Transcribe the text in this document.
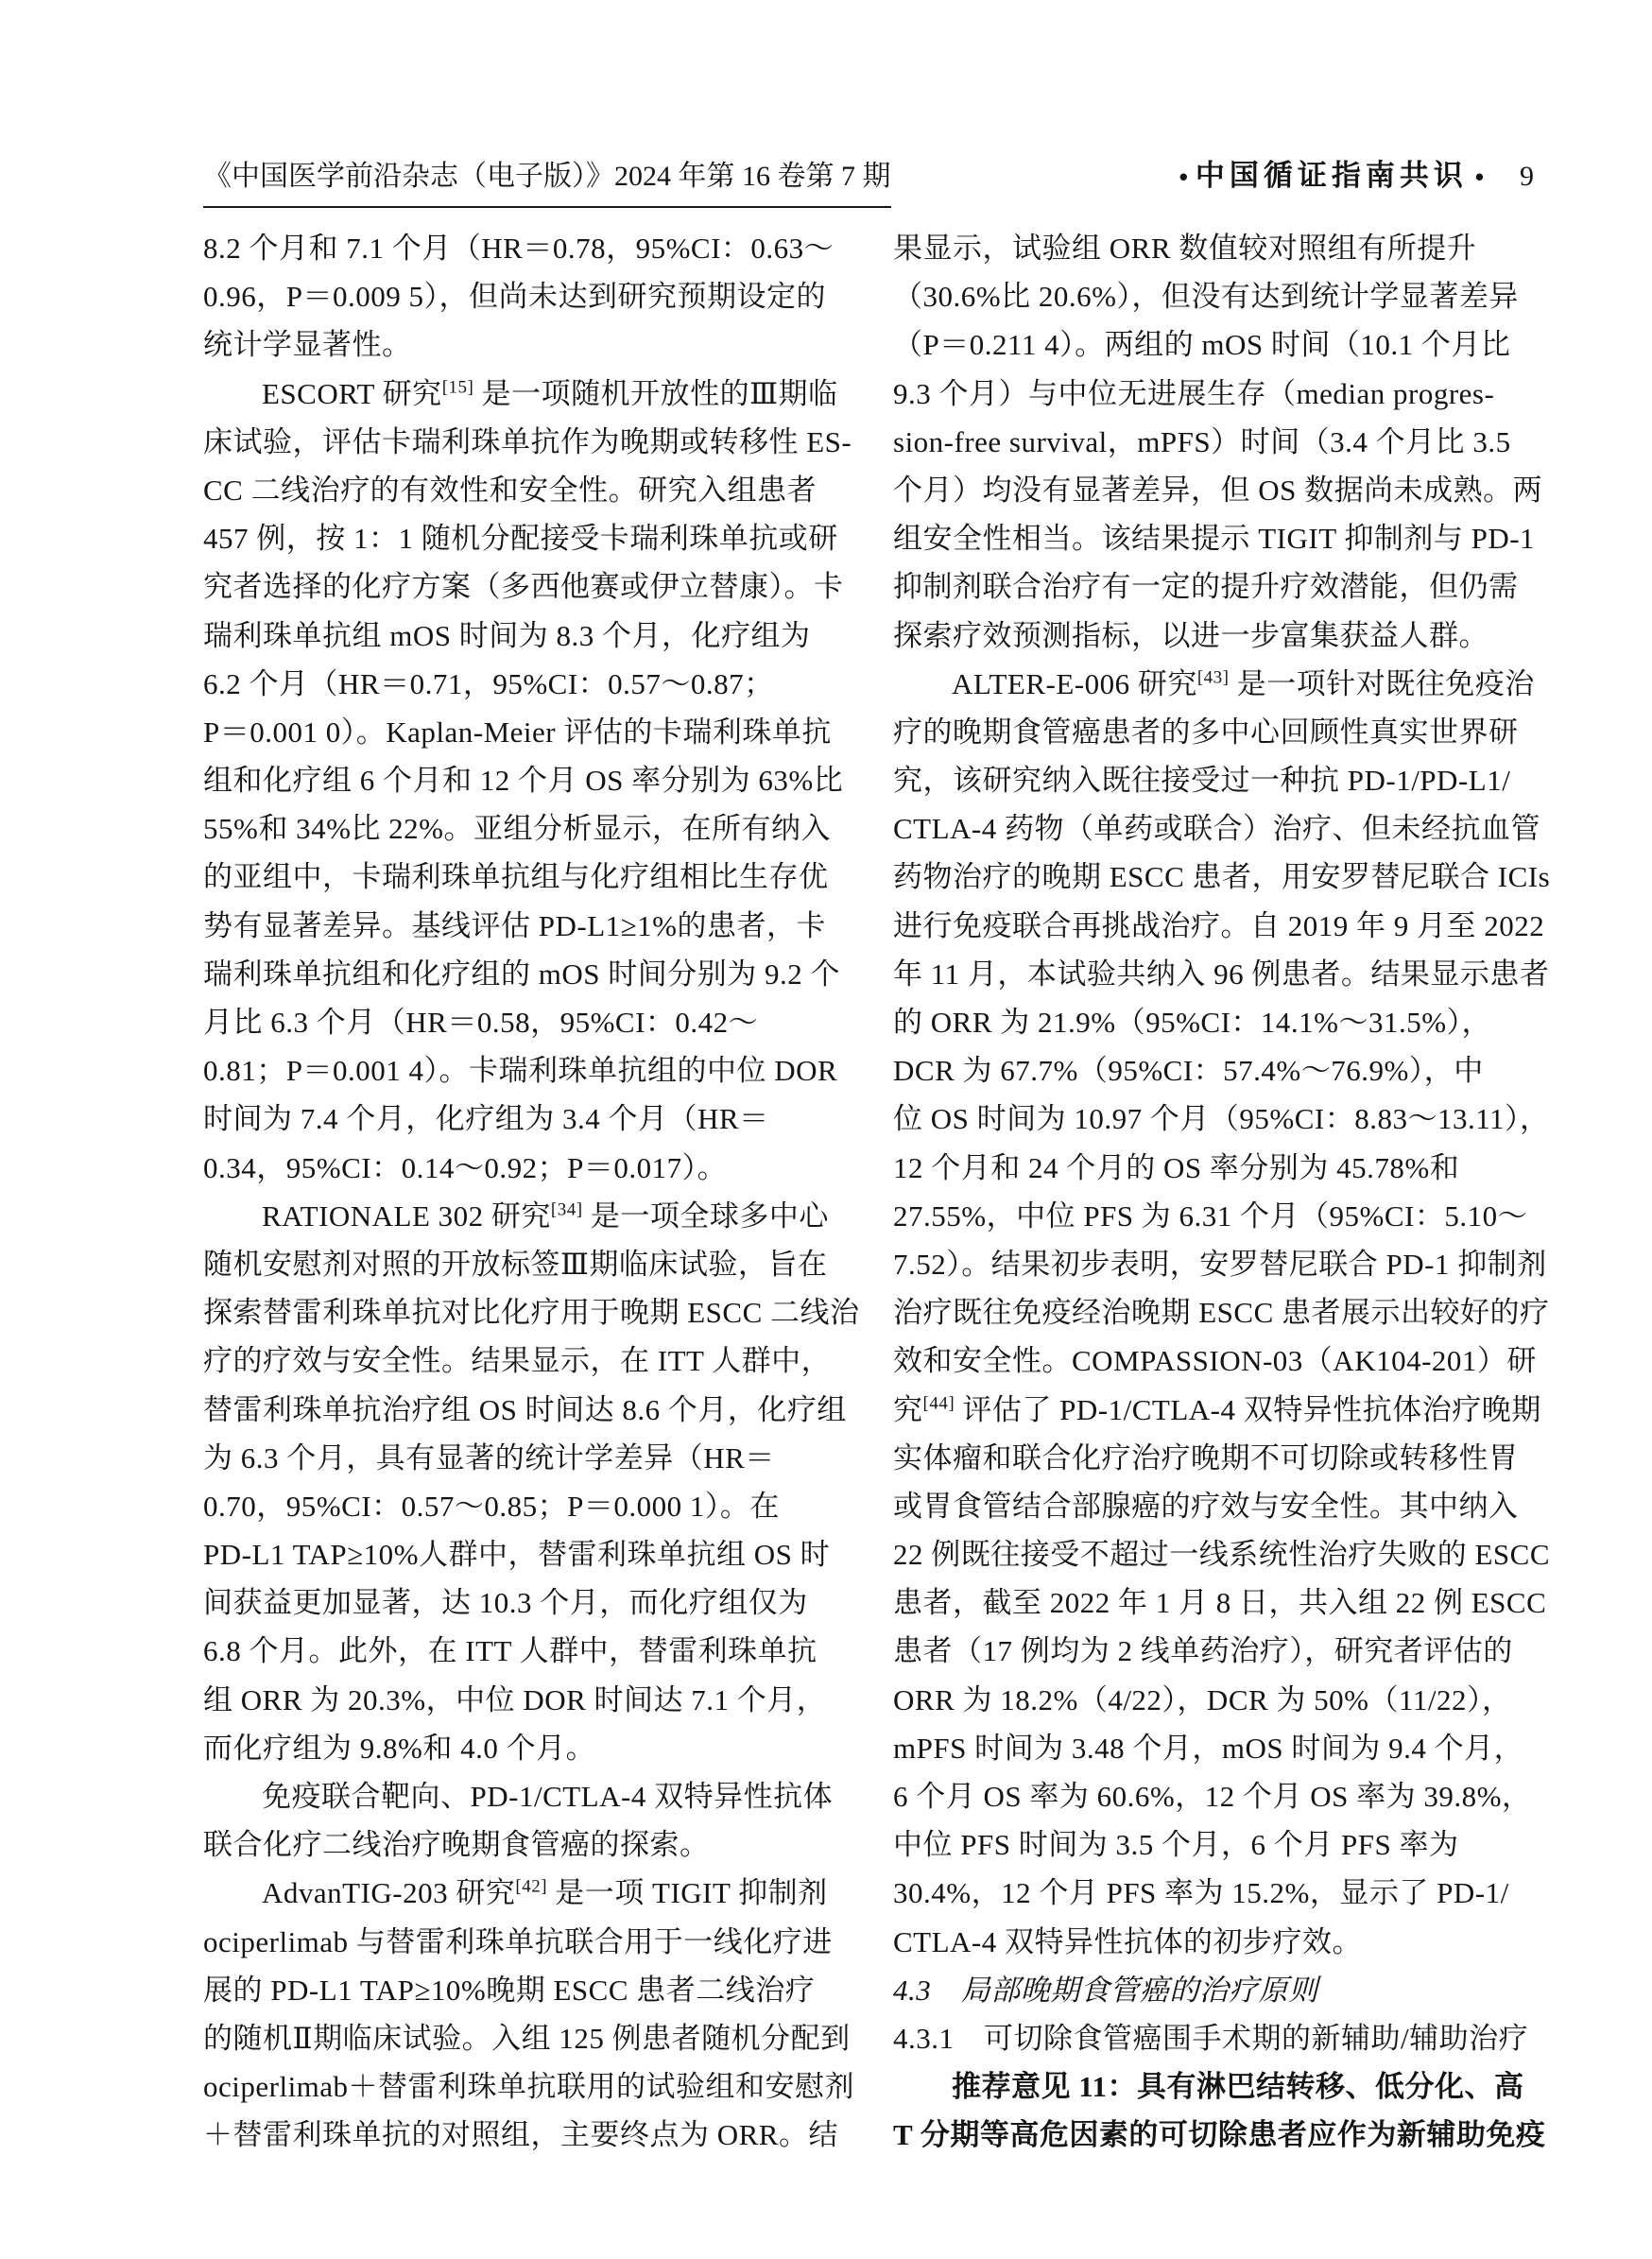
《中国医学前沿杂志（电子版）》2024 年第 16 卷第 7 期	• 中国循证指南共识 • 9
8.2 个月和 7.1 个月（HR＝0.78，95%CI：0.63～
0.96，P＝0.009 5），但尚未达到研究预期设定的
统计学显著性。
ESCORT 研究[15] 是一项随机开放性的Ⅲ期临
床试验，评估卡瑞利珠单抗作为晚期或转移性 ES-
CC 二线治疗的有效性和安全性。研究入组患者
457 例，按 1：1 随机分配接受卡瑞利珠单抗或研
究者选择的化疗方案（多西他赛或伊立替康）。卡
瑞利珠单抗组 mOS 时间为 8.3 个月，化疗组为
6.2 个月（HR＝0.71，95%CI：0.57～0.87；
P＝0.001 0）。Kaplan-Meier 评估的卡瑞利珠单抗
组和化疗组 6 个月和 12 个月 OS 率分别为 63%比
55%和 34%比 22%。亚组分析显示，在所有纳入
的亚组中，卡瑞利珠单抗组与化疗组相比生存优
势有显著差异。基线评估 PD-L1≥1%的患者，卡
瑞利珠单抗组和化疗组的 mOS 时间分别为 9.2 个
月比 6.3 个月（HR＝0.58，95%CI：0.42～
0.81；P＝0.001 4）。卡瑞利珠单抗组的中位 DOR
时间为 7.4 个月，化疗组为 3.4 个月（HR＝
0.34，95%CI：0.14～0.92；P＝0.017）。
RATIONALE 302 研究[34] 是一项全球多中心
随机安慰剂对照的开放标签Ⅲ期临床试验，旨在
探索替雷利珠单抗对比化疗用于晚期 ESCC 二线治
疗的疗效与安全性。结果显示，在 ITT 人群中，
替雷利珠单抗治疗组 OS 时间达 8.6 个月，化疗组
为 6.3 个月，具有显著的统计学差异（HR＝
0.70，95%CI：0.57～0.85；P＝0.000 1）。在
PD-L1 TAP≥10%人群中，替雷利珠单抗组 OS 时
间获益更加显著，达 10.3 个月，而化疗组仅为
6.8 个月。此外，在 ITT 人群中，替雷利珠单抗
组 ORR 为 20.3%，中位 DOR 时间达 7.1 个月，
而化疗组为 9.8%和 4.0 个月。
免疫联合靶向、PD-1/CTLA-4 双特异性抗体
联合化疗二线治疗晚期食管癌的探索。
AdvanTIG-203 研究[42] 是一项 TIGIT 抑制剂
ociperlimab 与替雷利珠单抗联合用于一线化疗进
展的 PD-L1 TAP≥10%晚期 ESCC 患者二线治疗
的随机Ⅱ期临床试验。入组 125 例患者随机分配到
ociperlimab＋替雷利珠单抗联用的试验组和安慰剂
＋替雷利珠单抗的对照组，主要终点为 ORR。结
果显示，试验组 ORR 数值较对照组有所提升
（30.6%比 20.6%），但没有达到统计学显著差异
（P＝0.211 4）。两组的 mOS 时间（10.1 个月比
9.3 个月）与中位无进展生存（median progres-
sion-free survival，mPFS）时间（3.4 个月比 3.5
个月）均没有显著差异，但 OS 数据尚未成熟。两
组安全性相当。该结果提示 TIGIT 抑制剂与 PD-1
抑制剂联合治疗有一定的提升疗效潜能，但仍需
探索疗效预测指标，以进一步富集获益人群。
ALTER-E-006 研究[43] 是一项针对既往免疫治
疗的晚期食管癌患者的多中心回顾性真实世界研
究，该研究纳入既往接受过一种抗 PD-1/PD-L1/
CTLA-4 药物（单药或联合）治疗、但未经抗血管
药物治疗的晚期 ESCC 患者，用安罗替尼联合 ICIs
进行免疫联合再挑战治疗。自 2019 年 9 月至 2022
年 11 月，本试验共纳入 96 例患者。结果显示患者
的 ORR 为 21.9%（95%CI：14.1%～31.5%），
DCR 为 67.7%（95%CI：57.4%～76.9%），中
位 OS 时间为 10.97 个月（95%CI：8.83～13.11），
12 个月和 24 个月的 OS 率分别为 45.78%和
27.55%，中位 PFS 为 6.31 个月（95%CI：5.10～
7.52）。结果初步表明，安罗替尼联合 PD-1 抑制剂
治疗既往免疫经治晚期 ESCC 患者展示出较好的疗
效和安全性。COMPASSION-03（AK104-201）研
究[44] 评估了 PD-1/CTLA-4 双特异性抗体治疗晚期
实体瘤和联合化疗治疗晚期不可切除或转移性胃
或胃食管结合部腺癌的疗效与安全性。其中纳入
22 例既往接受不超过一线系统性治疗失败的 ESCC
患者，截至 2022 年 1 月 8 日，共入组 22 例 ESCC
患者（17 例均为 2 线单药治疗），研究者评估的
ORR 为 18.2%（4/22），DCR 为 50%（11/22），
mPFS 时间为 3.48 个月，mOS 时间为 9.4 个月，
6 个月 OS 率为 60.6%，12 个月 OS 率为 39.8%，
中位 PFS 时间为 3.5 个月，6 个月 PFS 率为
30.4%，12 个月 PFS 率为 15.2%，显示了 PD-1/
CTLA-4 双特异性抗体的初步疗效。
4.3　局部晚期食管癌的治疗原则
4.3.1　可切除食管癌围手术期的新辅助/辅助治疗
推荐意见 11：具有淋巴结转移、低分化、高
T 分期等高危因素的可切除患者应作为新辅助免疫
